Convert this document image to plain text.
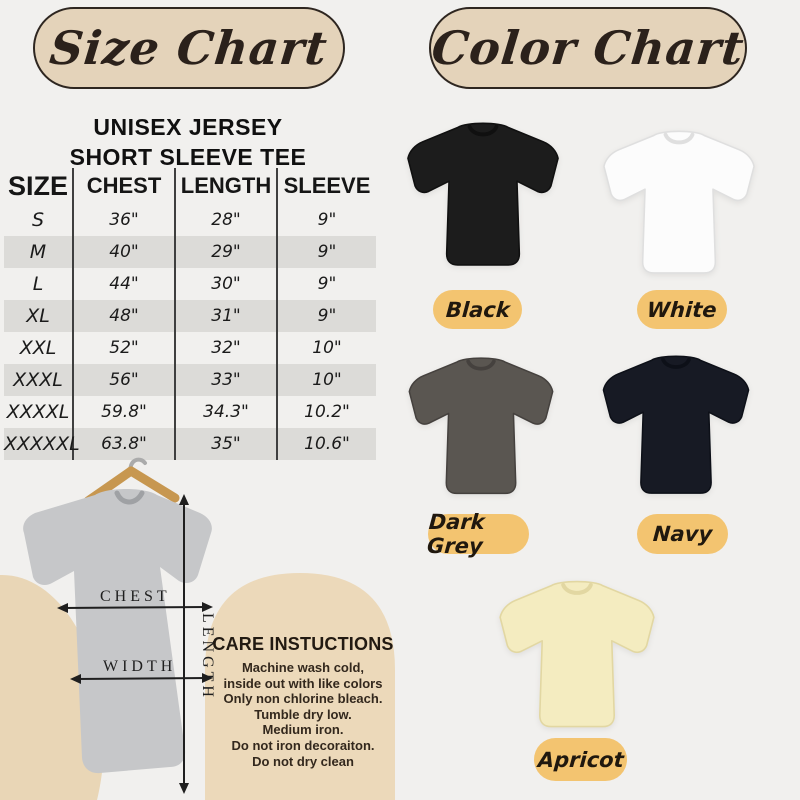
Size Chart Color Chart
UNISEX JERSEY
SHORT SLEEVE TEE
SIZE	CHEST	LENGTH	SLEEVE
S	36"	28"	9"
M	40"	29"	9"
L	44"	30"	9"
XL	48"	31"	9"
XXL	52"	32"	10"
XXXL	56"	33"	10"
XXXXL	59.8"	34.3"	10.2"
XXXXXL	63.8"	35"	10.6"
CHEST
WIDTH LENGTH
CARE INSTUCTIONS
Machine wash cold,
inside out with like colors
Only non chlorine bleach.
Tumble dry low.
Medium iron.
Do not iron decoraiton.
Do not dry clean
Black	White
Dark Grey	Navy
Apricot
